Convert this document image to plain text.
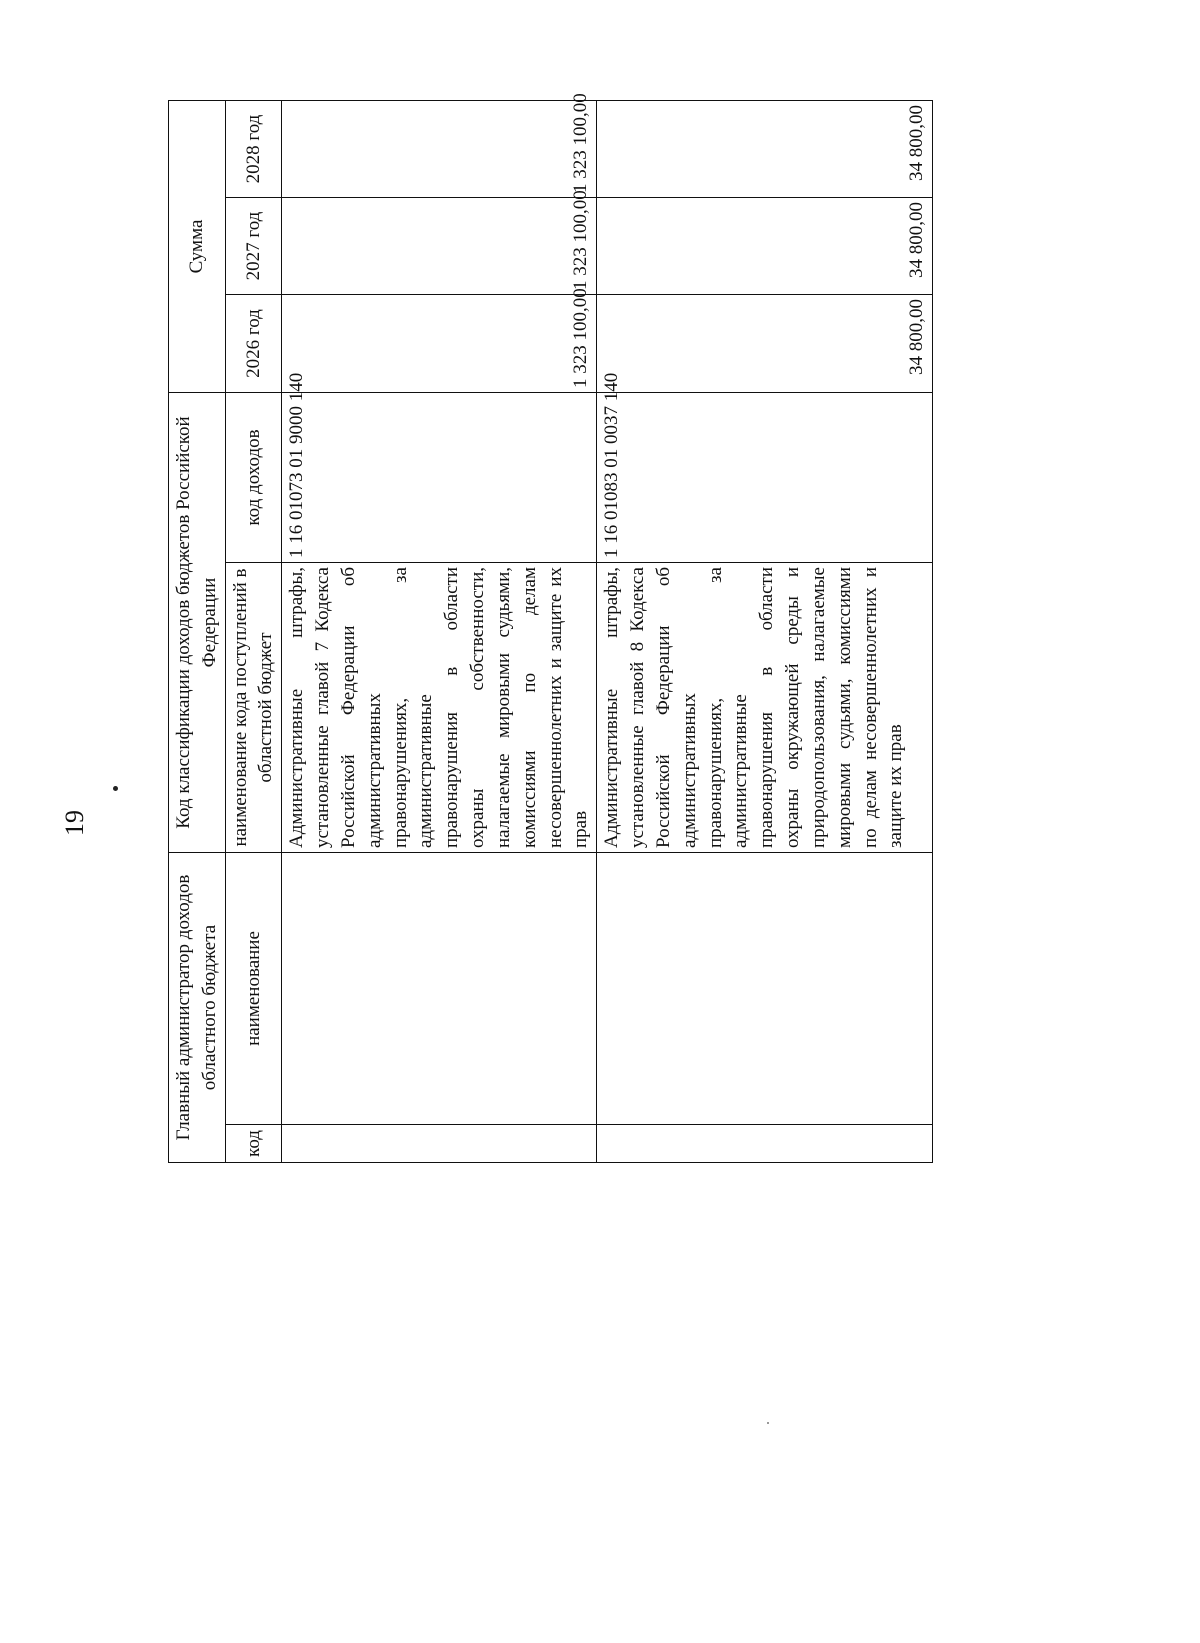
19
Главный администратор доходов областного бюджета		Код классификации доходов бюджетов Российской Федерации		Сумма		
код	наименование	наименование кода поступлений в областной бюджет	код доходов	2026 год	2027 год	2028 год
		Административные штрафы, установленные главой 7 Кодекса Российской Федерации об административных правонарушениях, за административные правонарушения в области охраны собственности, налагаемые мировыми судьями, комиссиями по делам несовершеннолетних и защите их прав	1 16 01073 01 9000 140	1 323 100,00	1 323 100,00	1 323 100,00
		Административные штрафы, установленные главой 8 Кодекса Российской Федерации об административных правонарушениях, за административные правонарушения в области охраны окружающей среды и природопользования, налагаемые мировыми судьями, комиссиями по делам несовершеннолетних и защите их прав	1 16 01083 01 0037 140	34 800,00	34 800,00	34 800,00
